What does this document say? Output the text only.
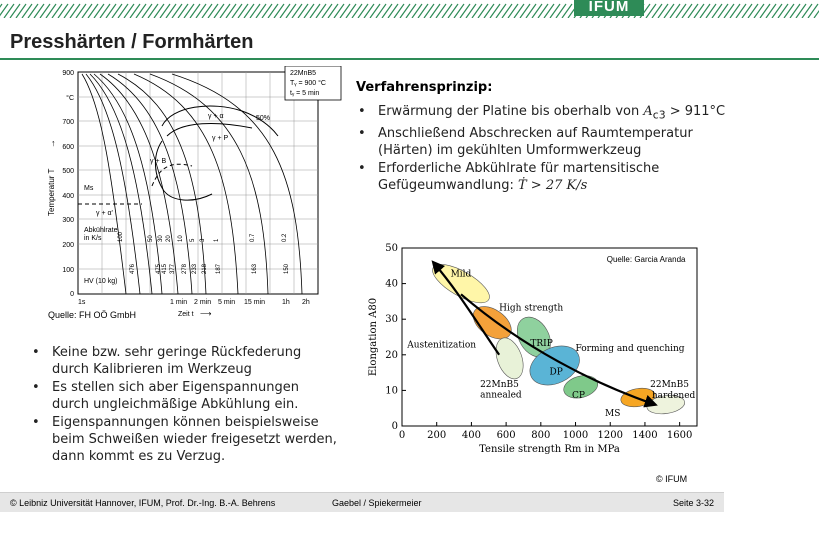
IFUM
Presshärten / Formhärten
22MnB5
Tᵧ = 900 °C
tᵧ = 5 min
50%
γ + α
γ + P
γ + B
Ms
γ + α'
Abkühlrate
in K/s	100	50 30 20 10 5 3 1	0.7	0.2
476	475 415 377 278 233 218 187	163	150
HV (10 kg)
900
°C
700
600
500
400
300
200
100
0
Temperatur T
↑
1s	1 min 2 min 5 min 15 min 1h 2h
Zeit t ⟶
Quelle: FH OÖ GmbH
Verfahrensprinzip:
• Erwärmung der Platine bis oberhalb von $A_{c3} > 911^\circ C$
• Anschließend Abschrecken auf Raumtemperatur (Härten) im gekühlten Umformwerkzeug
• Erforderliche Abkühlrate für martensitische Gefügeumwandlung: Ṫ > 27 K/s
• Keine bzw. sehr geringe Rückfederung durch Kalibrieren im Werkzeug
• Es stellen sich aber Eigenspannungen durch ungleichmäßige Abkühlung ein.
• Eigenspannungen können beispielsweise beim Schweißen wieder freigesetzt werden, dann kommt es zu Verzug.
0 200 400 600 800 1000 1200 1400 1600
0
10
20
30
40
50
Mild
High strength
TRIP
DP
CP
22MnB5
annealed
MS
22MnB5
hardened
Quelle: Garcia Aranda
Tensile strength Rm in MPa
Elongation A80	Austenitization	Forming and quenching
© IFUM
© Leibniz Universität Hannover, IFUM, Prof. Dr.-Ing. B.-A. Behrens	Gaebel / Spiekermeier	Seite 3-32
